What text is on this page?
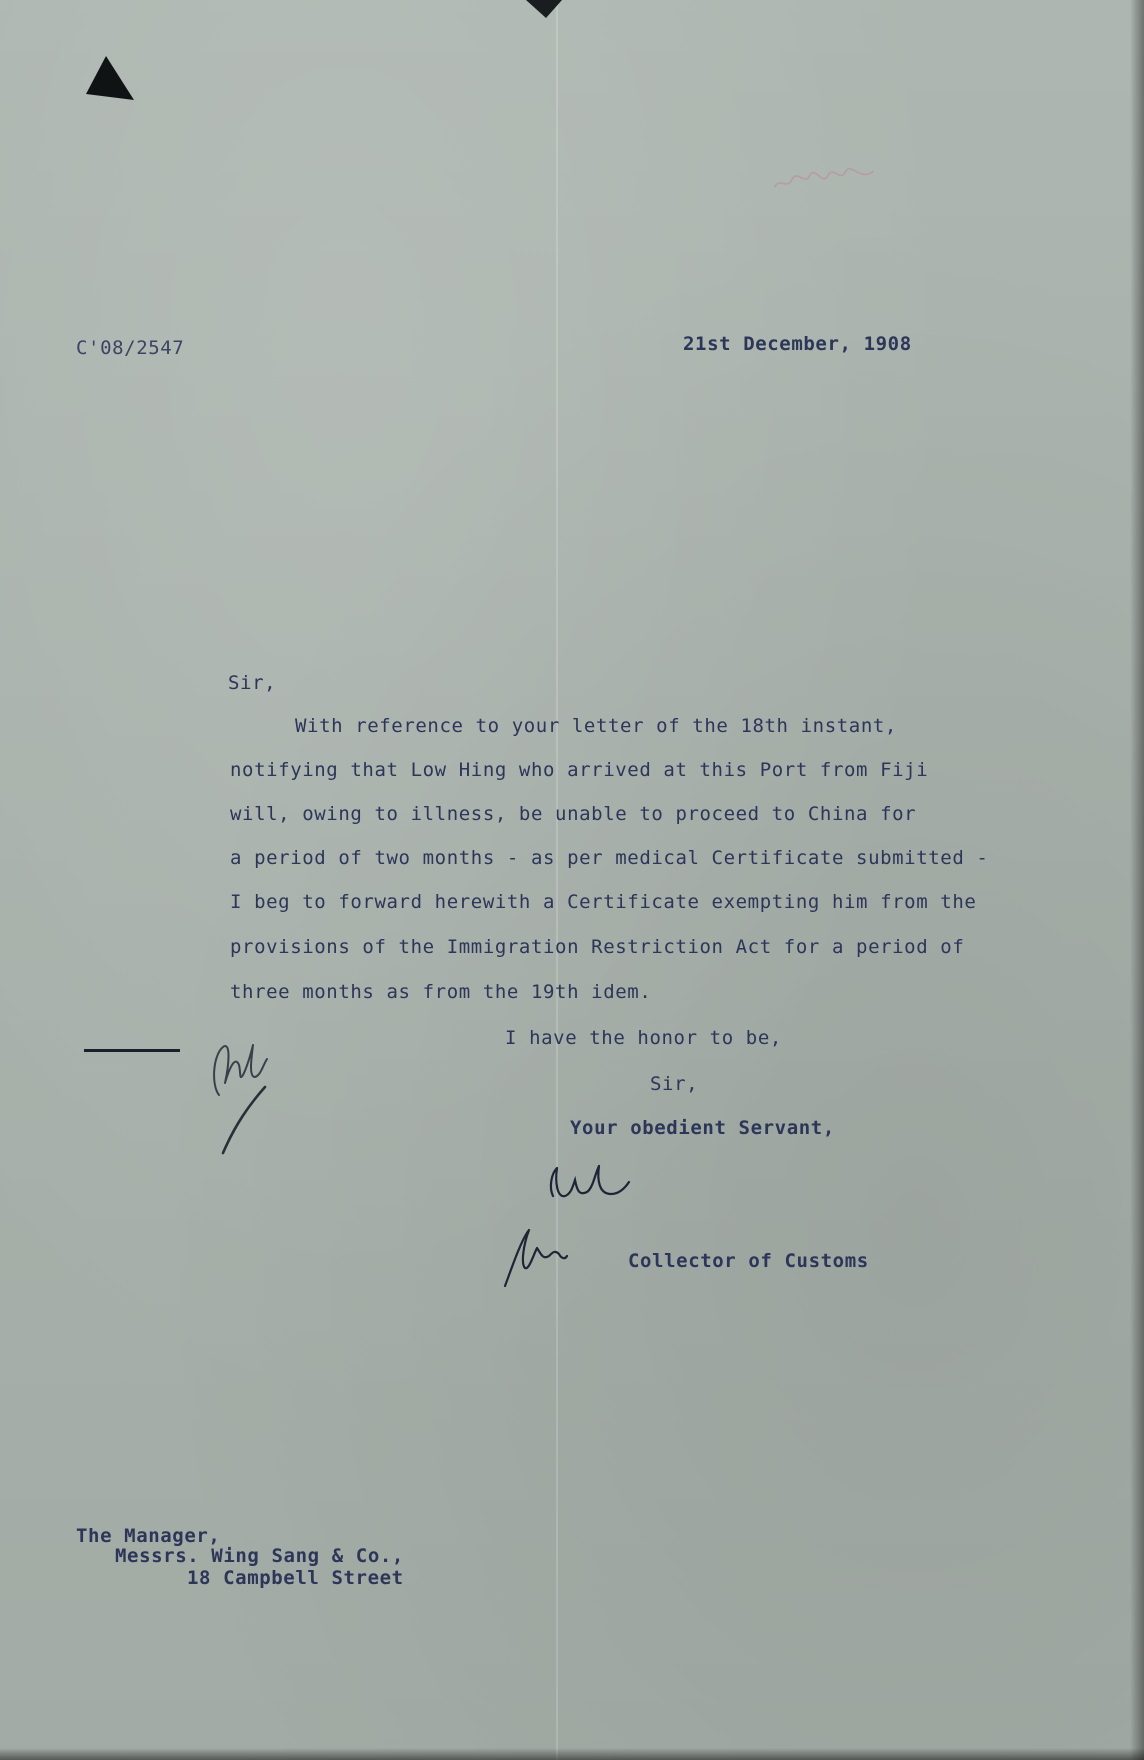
C'08/2547	21st December, 1908
Sir,
With reference to your letter of the 18th instant,
notifying that Low Hing who arrived at this Port from Fiji
will, owing to illness, be unable to proceed to China for
a period of two months - as per medical Certificate submitted -
I beg to forward herewith a Certificate exempting him from the
provisions of the Immigration Restriction Act for a period of
three months as from the 19th idem.
I have the honor to be,
Sir,
Your obedient Servant,
Collector of Customs
The Manager,
Messrs. Wing Sang & Co.,
18 Campbell Street
